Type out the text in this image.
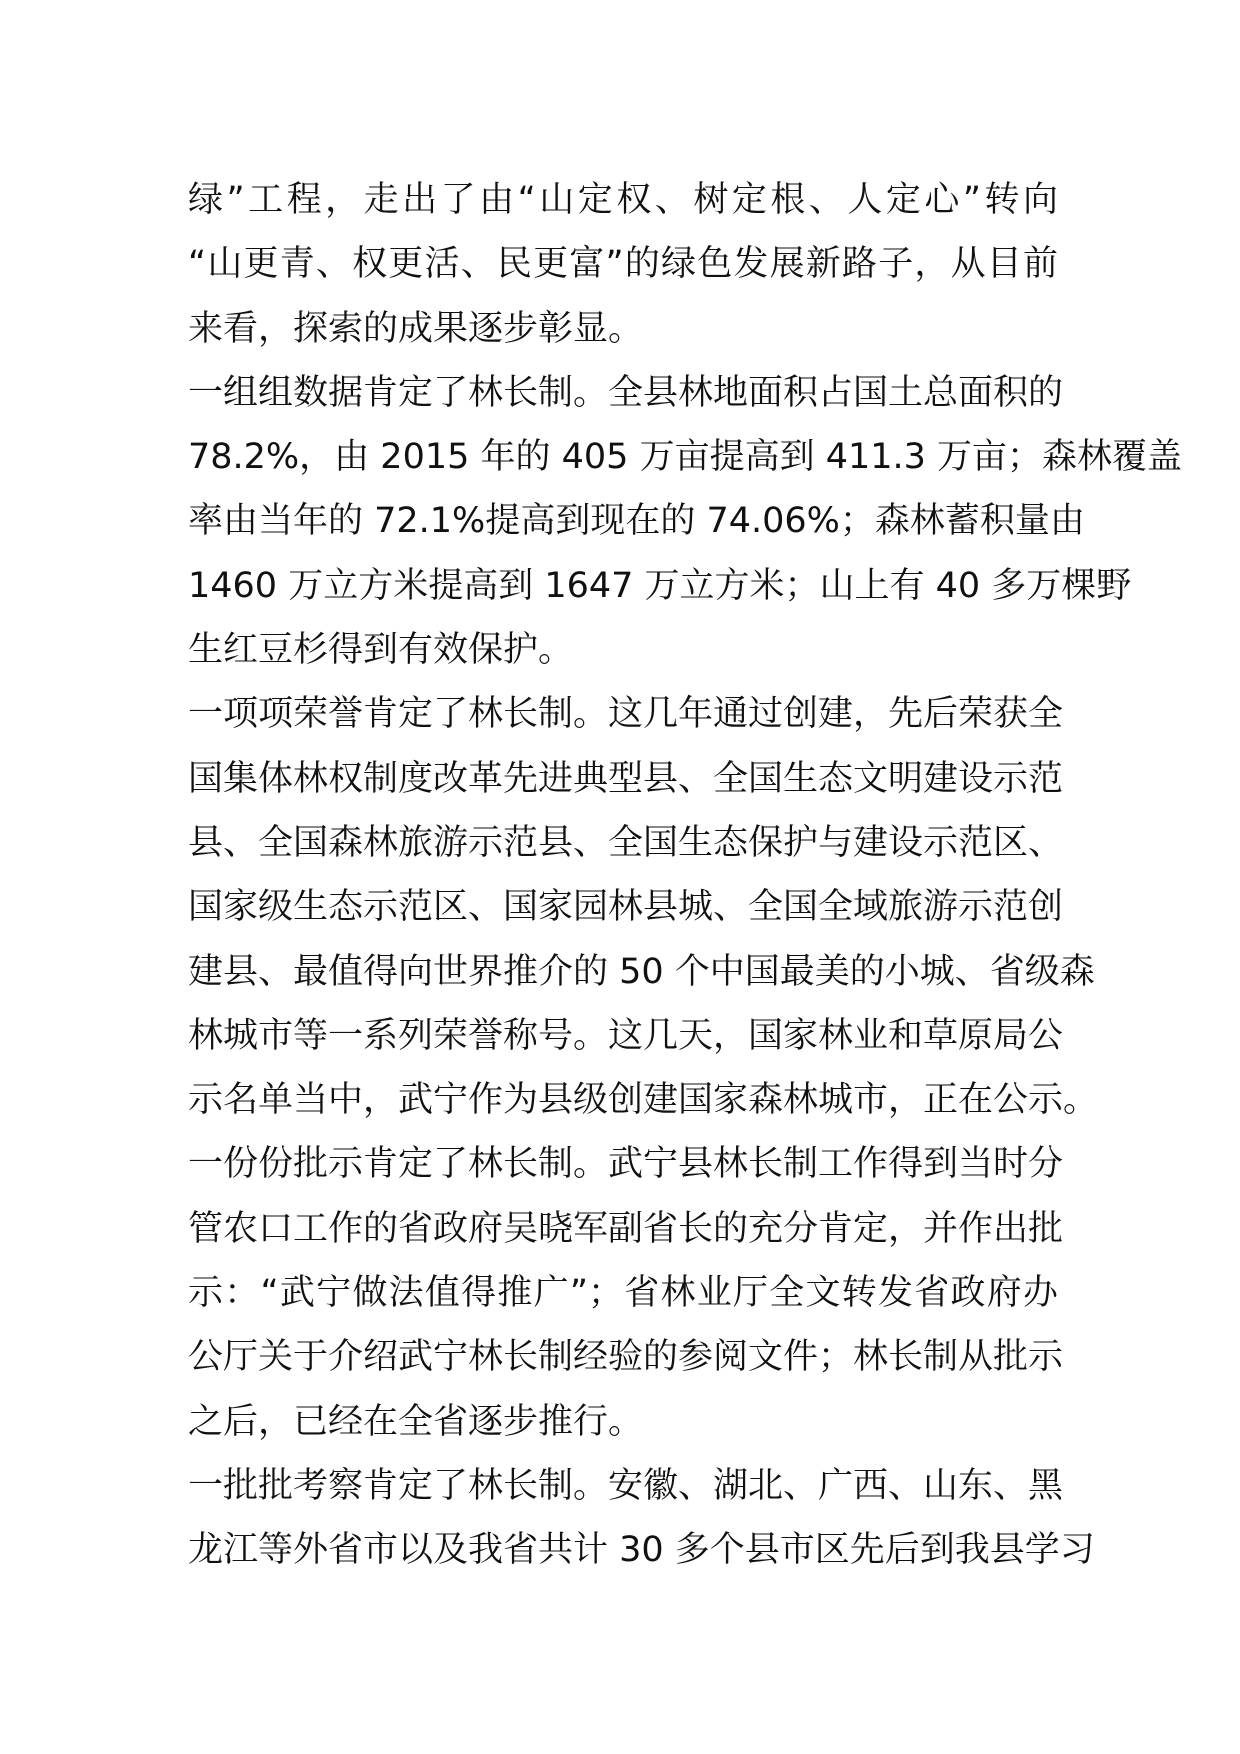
绿”工程，走出了由“山定权、树定根、人定心”转向
“山更青、权更活、民更富”的绿色发展新路子，从目前
来看，探索的成果逐步彰显。
一组组数据肯定了林长制。全县林地面积占国土总面积的
78.2%，由 2015 年的 405 万亩提高到 411.3 万亩；森林覆盖
率由当年的 72.1%提高到现在的 74.06%；森林蓄积量由
1460 万立方米提高到 1647 万立方米；山上有 40 多万棵野
生红豆杉得到有效保护。
一项项荣誉肯定了林长制。这几年通过创建，先后荣获全
国集体林权制度改革先进典型县、全国生态文明建设示范
县、全国森林旅游示范县、全国生态保护与建设示范区、
国家级生态示范区、国家园林县城、全国全域旅游示范创
建县、最值得向世界推介的 50 个中国最美的小城、省级森
林城市等一系列荣誉称号。这几天，国家林业和草原局公
示名单当中，武宁作为县级创建国家森林城市，正在公示。
一份份批示肯定了林长制。武宁县林长制工作得到当时分
管农口工作的省政府吴晓军副省长的充分肯定，并作出批
示：“武宁做法值得推广”；省林业厅全文转发省政府办
公厅关于介绍武宁林长制经验的参阅文件；林长制从批示
之后，已经在全省逐步推行。
一批批考察肯定了林长制。安徽、湖北、广西、山东、黑
龙江等外省市以及我省共计 30 多个县市区先后到我县学习
